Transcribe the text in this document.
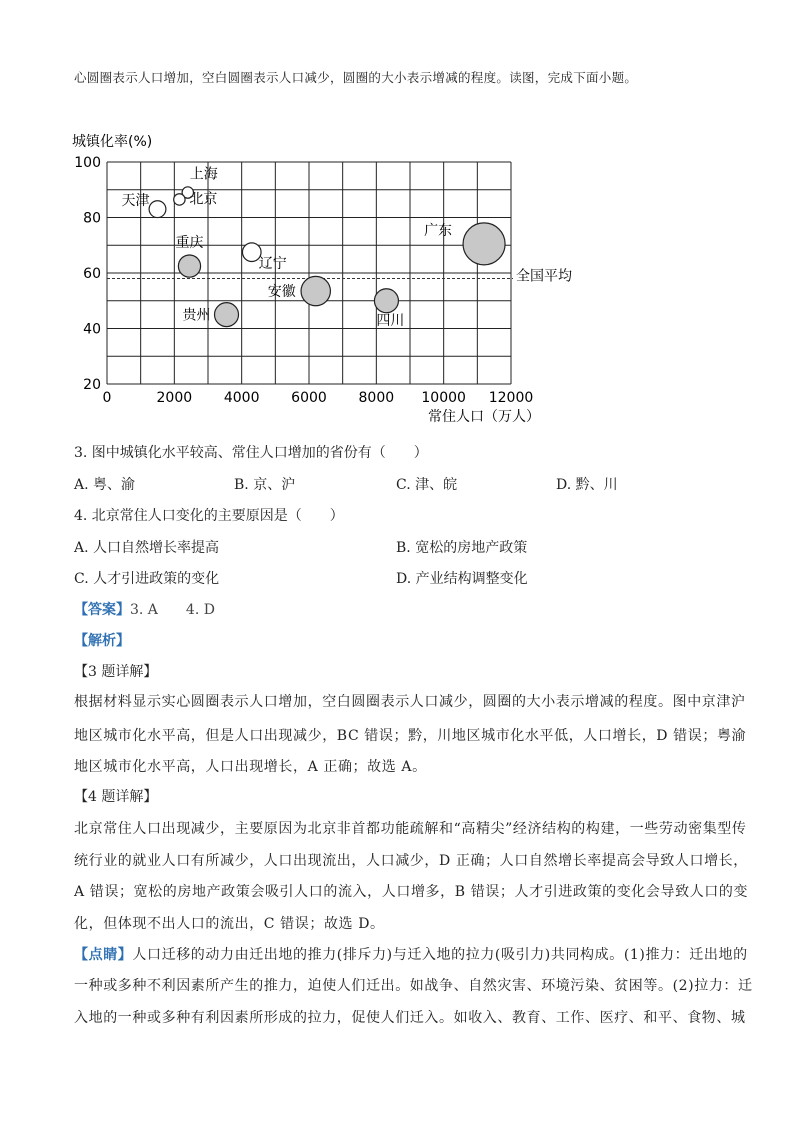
心圆圈表示人口增加，空白圆圈表示人口减少，圆圈的大小表示增减的程度。读图，完成下面小题。
全国平均
城镇化率(%)
常住人口（万人）
100
80
60
40
20
0	2000 4000 6000 8000 10000 12000
上海
北京
天津
重庆
辽宁
安徽
贵州	四川
广东
3. 图中城镇化水平较高、常住人口增加的省份有（　　）
A. 粤、渝	B. 京、沪	C. 津、皖	D. 黔、川
4. 北京常住人口变化的主要原因是（　　）
A. 人口自然增长率提高	B. 宽松的房地产政策
C. 人才引进政策的变化	D. 产业结构调整变化
【答案】3. A　　4. D
【解析】
【3 题详解】
根据材料显示实心圆圈表示人口增加，空白圆圈表示人口减少，圆圈的大小表示增减的程度。图中京津沪
地区城市化水平高，但是人口出现减少，BC 错误；黔，川地区城市化水平低，人口增长，D 错误；粤渝
地区城市化水平高，人口出现增长，A 正确；故选 A。
【4 题详解】
北京常住人口出现减少，主要原因为北京非首都功能疏解和“高精尖”经济结构的构建，一些劳动密集型传
统行业的就业人口有所减少，人口出现流出，人口减少，D 正确；人口自然增长率提高会导致人口增长，
A 错误；宽松的房地产政策会吸引人口的流入，人口增多，B 错误；人才引进政策的变化会导致人口的变
化，但体现不出人口的流出，C 错误；故选 D。
【点睛】人口迁移的动力由迁出地的推力(排斥力)与迁入地的拉力(吸引力)共同构成。(1)推力：迁出地的
一种或多种不利因素所产生的推力，迫使人们迁出。如战争、自然灾害、环境污染、贫困等。(2)拉力：迁
入地的一种或多种有利因素所形成的拉力，促使人们迁入。如收入、教育、工作、医疗、和平、食物、城
